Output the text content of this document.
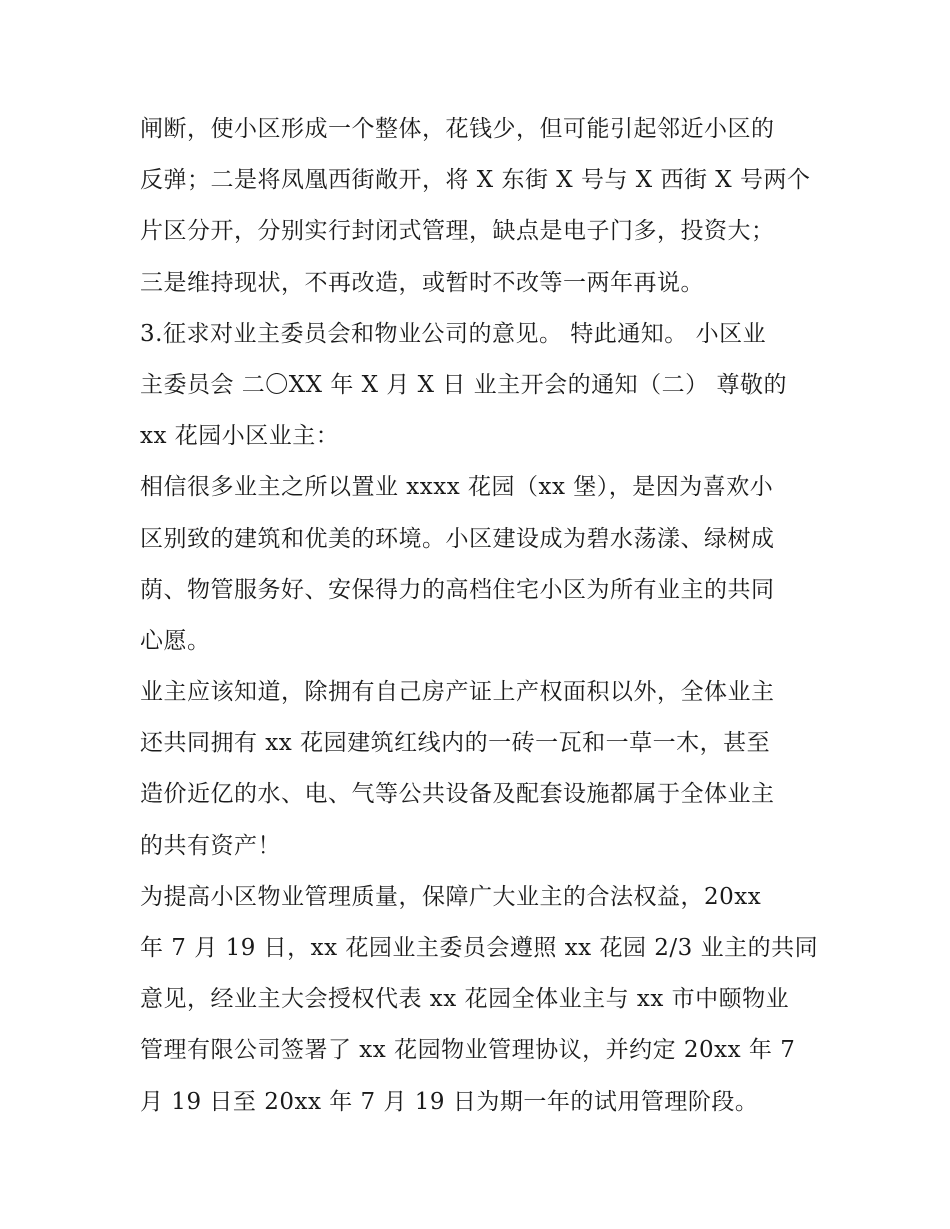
闸断，使小区形成一个整体，花钱少，但可能引起邻近小区的
反弹；二是将凤凰西街敞开，将 X 东街 X 号与 X 西街 X 号两个
片区分开，分别实行封闭式管理，缺点是电子门多，投资大；
三是维持现状，不再改造，或暂时不改等一两年再说。
3.征求对业主委员会和物业公司的意见。 特此通知。 小区业
主委员会 二〇XX 年 X 月 X 日 业主开会的通知（二） 尊敬的
xx 花园小区业主：
相信很多业主之所以置业 xxxx 花园（xx 堡），是因为喜欢小
区别致的建筑和优美的环境。小区建设成为碧水荡漾、绿树成
荫、物管服务好、安保得力的高档住宅小区为所有业主的共同
心愿。
业主应该知道，除拥有自己房产证上产权面积以外，全体业主
还共同拥有 xx 花园建筑红线内的一砖一瓦和一草一木，甚至
造价近亿的水、电、气等公共设备及配套设施都属于全体业主
的共有资产！
为提高小区物业管理质量，保障广大业主的合法权益，20xx
年 7 月 19 日，xx 花园业主委员会遵照 xx 花园 2/3 业主的共同
意见，经业主大会授权代表 xx 花园全体业主与 xx 市中颐物业
管理有限公司签署了 xx 花园物业管理协议，并约定 20xx 年 7
月 19 日至 20xx 年 7 月 19 日为期一年的试用管理阶段。
